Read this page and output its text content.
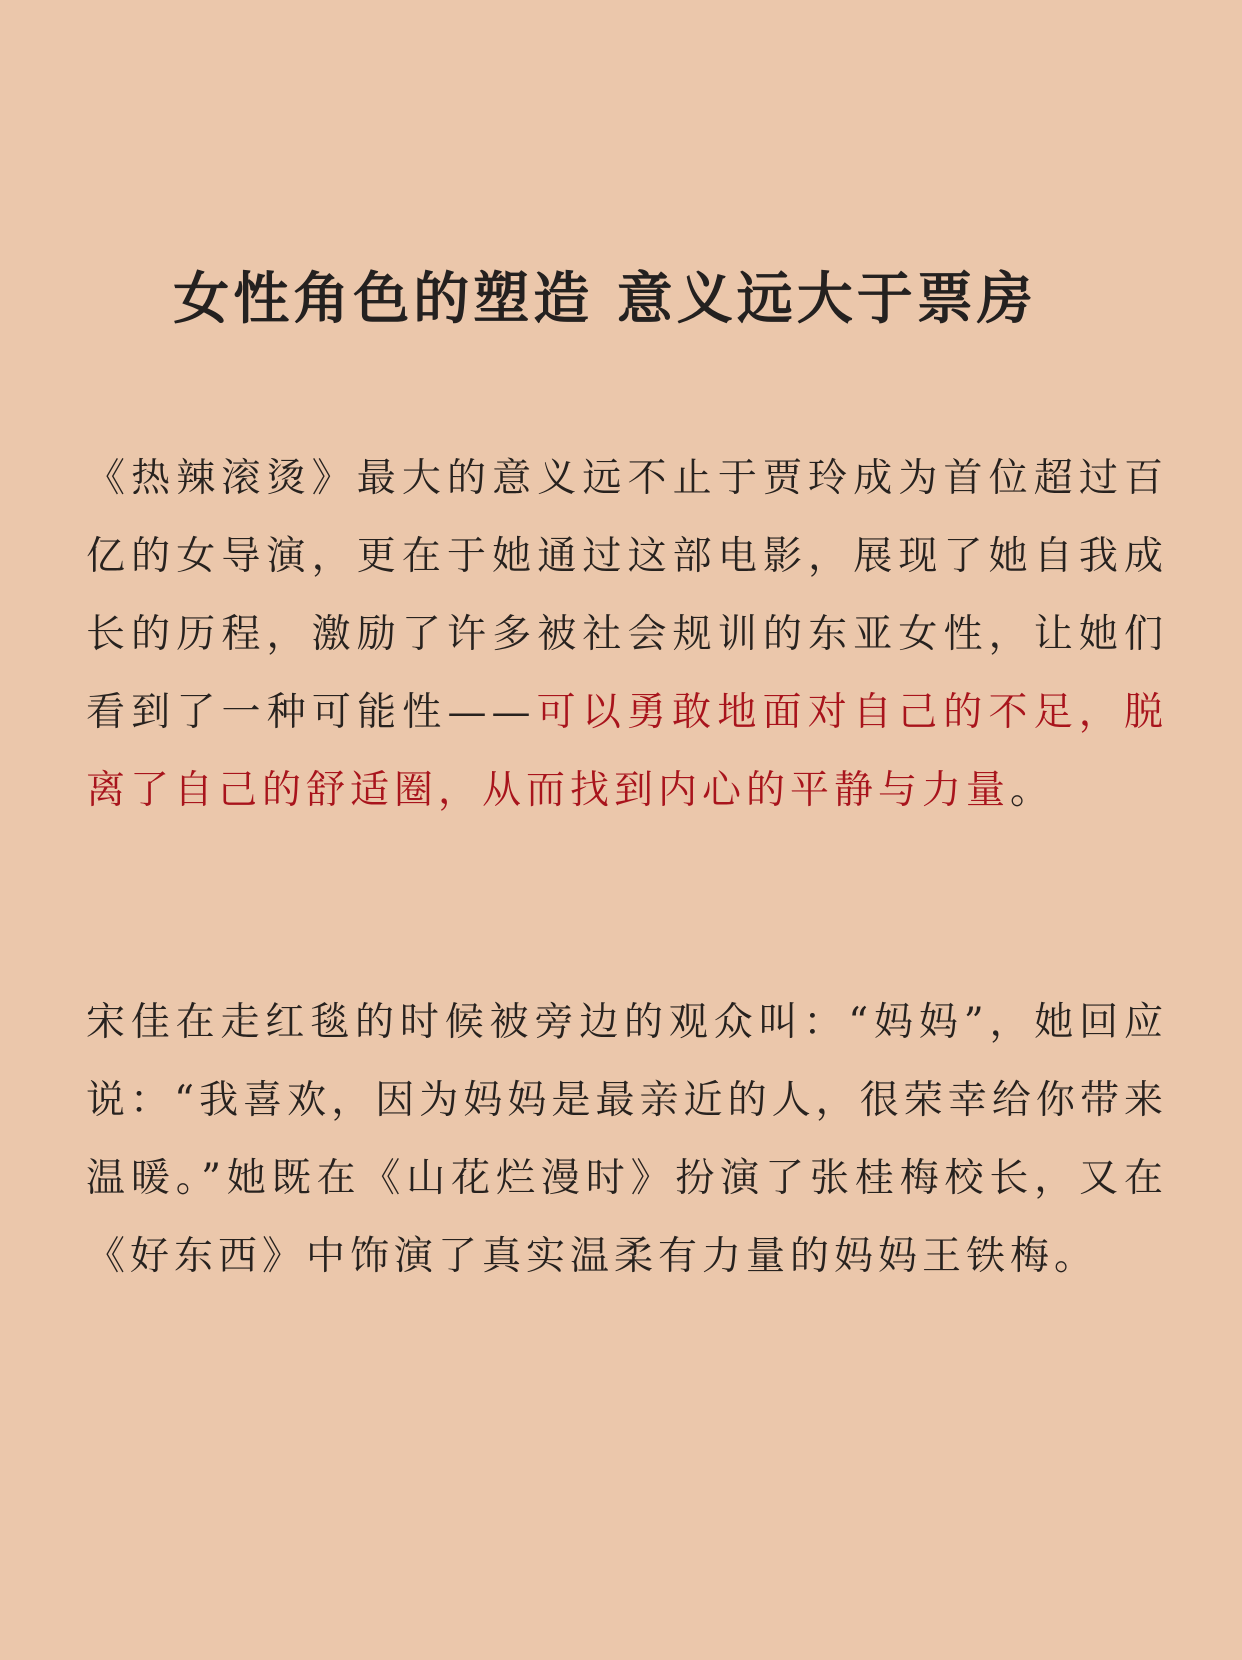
女性角色的塑造 意义远大于票房

《热辣滚烫》最大的意义远不止于贾玲成为首位超过百亿的女导演，更在于她通过这部电影，展现了她自我成长的历程，激励了许多被社会规训的东亚女性，让她们看到了一种可能性——可以勇敢地面对自己的不足，脱离了自己的舒适圈，从而找到内心的平静与力量。

宋佳在走红毯的时候被旁边的观众叫：“妈妈”，她回应说：“我喜欢，因为妈妈是最亲近的人，很荣幸给你带来温暖。”她既在《山花烂漫时》扮演了张桂梅校长，又在《好东西》中饰演了真实温柔有力量的妈妈王铁梅。
